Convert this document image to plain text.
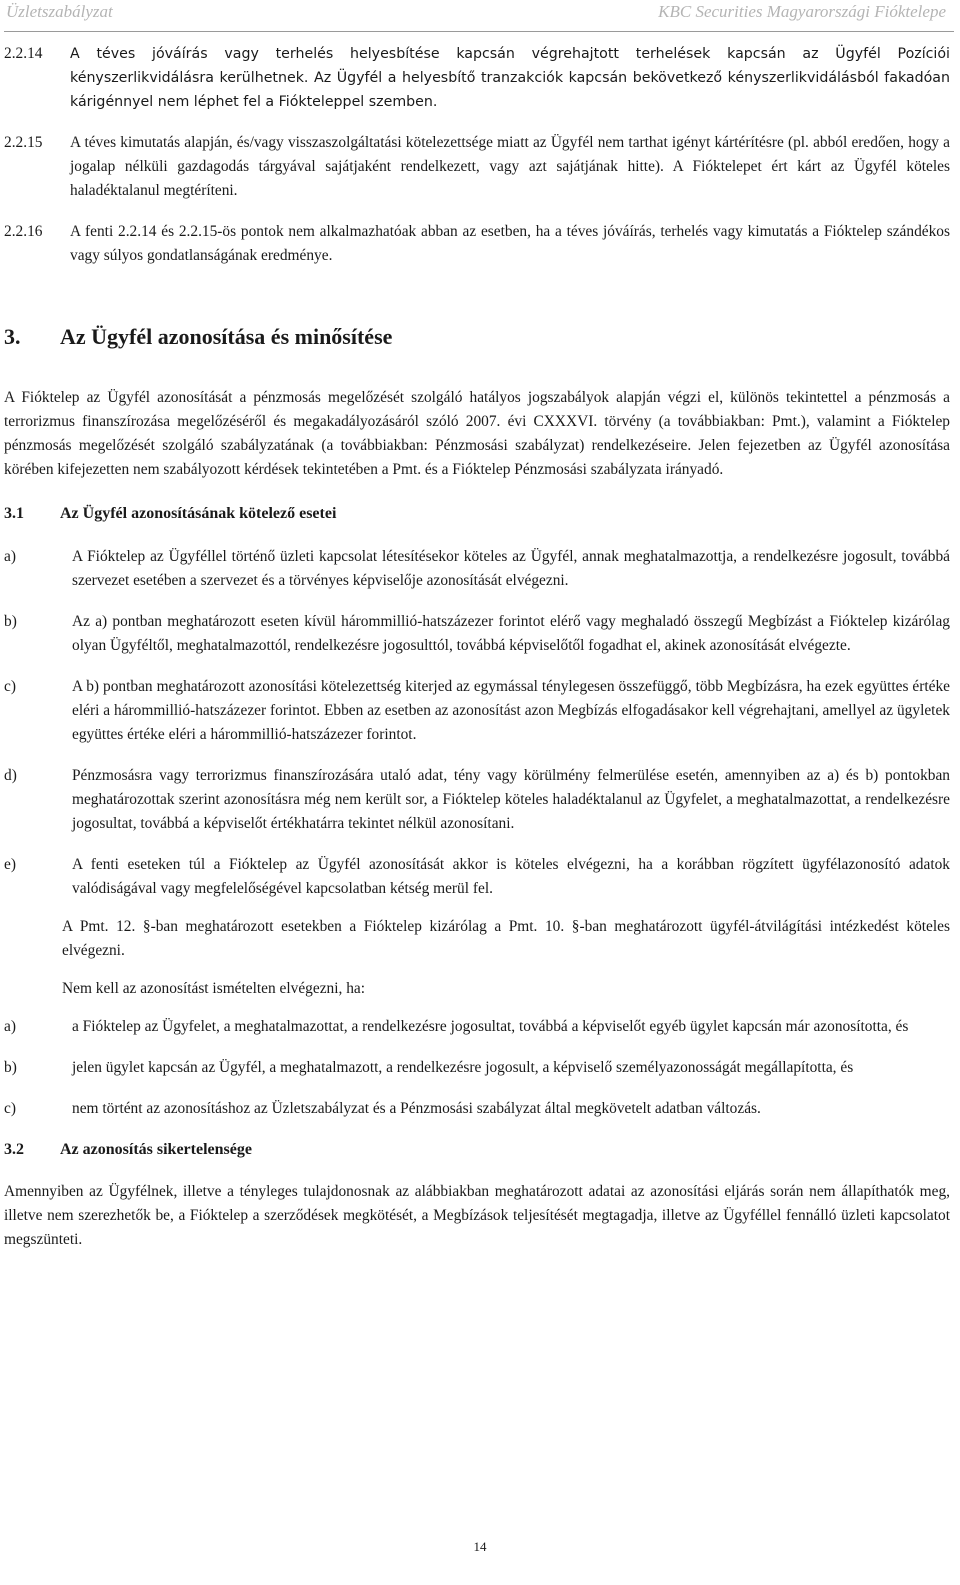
Üzletszabályzat	KBC Securities Magyarországi Fióktelepe
2.2.14	A téves jóváírás vagy terhelés helyesbítése kapcsán végrehajtott terhelések kapcsán az Ügyfél Pozíciói kényszerlikvidálásra kerülhetnek. Az Ügyfél a helyesbítő tranzakciók kapcsán bekövetkező kényszerlikvidálásból fakadóan kárigénnyel nem léphet fel a Fiókteleppel szemben.
2.2.15	A téves kimutatás alapján, és/vagy visszaszolgáltatási kötelezettsége miatt az Ügyfél nem tarthat igényt kártérítésre (pl. abból eredően, hogy a jogalap nélküli gazdagodás tárgyával sajátjaként rendelkezett, vagy azt sajátjának hitte). A Fióktelepet ért kárt az Ügyfél köteles haladéktalanul megtéríteni.
2.2.16	A fenti 2.2.14 és 2.2.15-ös pontok nem alkalmazhatóak abban az esetben, ha a téves jóváírás, terhelés vagy kimutatás a Fióktelep szándékos vagy súlyos gondatlanságának eredménye.
3.	Az Ügyfél azonosítása és minősítése
A Fióktelep az Ügyfél azonosítását a pénzmosás megelőzését szolgáló hatályos jogszabályok alapján végzi el, különös tekintettel a pénzmosás a terrorizmus finanszírozása megelőzéséről és megakadályozásáról szóló 2007. évi CXXXVI. törvény (a továbbiakban: Pmt.), valamint a Fióktelep pénzmosás megelőzését szolgáló szabályzatának (a továbbiakban: Pénzmosási szabályzat) rendelkezéseire. Jelen fejezetben az Ügyfél azonosítása körében kifejezetten nem szabályozott kérdések tekintetében a Pmt. és a Fióktelep Pénzmosási szabályzata irányadó.
3.1	Az Ügyfél azonosításának kötelező esetei
a)	A Fióktelep az Ügyféllel történő üzleti kapcsolat létesítésekor köteles az Ügyfél, annak meghatalmazottja, a rendelkezésre jogosult, továbbá szervezet esetében a szervezet és a törvényes képviselője azonosítását elvégezni.
b)	Az a) pontban meghatározott eseten kívül hárommillió-hatszázezer forintot elérő vagy meghaladó összegű Megbízást a Fióktelep kizárólag olyan Ügyféltől, meghatalmazottól, rendelkezésre jogosulttól, továbbá képviselőtől fogadhat el, akinek azonosítását elvégezte.
c)	A b) pontban meghatározott azonosítási kötelezettség kiterjed az egymással ténylegesen összefüggő, több Megbízásra, ha ezek együttes értéke eléri a hárommillió-hatszázezer forintot. Ebben az esetben az azonosítást azon Megbízás elfogadásakor kell végrehajtani, amellyel az ügyletek együttes értéke eléri a hárommillió-hatszázezer forintot.
d)	Pénzmosásra vagy terrorizmus finanszírozására utaló adat, tény vagy körülmény felmerülése esetén, amennyiben az a) és b) pontokban meghatározottak szerint azonosításra még nem került sor, a Fióktelep köteles haladéktalanul az Ügyfelet, a meghatalmazottat, a rendelkezésre jogosultat, továbbá a képviselőt értékhatárra tekintet nélkül azonosítani.
e)	A fenti eseteken túl a Fióktelep az Ügyfél azonosítását akkor is köteles elvégezni, ha a korábban rögzített ügyfélazonosító adatok valódiságával vagy megfelelőségével kapcsolatban kétség merül fel.
A Pmt. 12. §-ban meghatározott esetekben a Fióktelep kizárólag a Pmt. 10. §-ban meghatározott ügyfél-átvilágítási intézkedést köteles elvégezni.
Nem kell az azonosítást ismételten elvégezni, ha:
a)	a Fióktelep az Ügyfelet, a meghatalmazottat, a rendelkezésre jogosultat, továbbá a képviselőt egyéb ügylet kapcsán már azonosította, és
b)	jelen ügylet kapcsán az Ügyfél, a meghatalmazott, a rendelkezésre jogosult, a képviselő személyazonosságát megállapította, és
c)	nem történt az azonosításhoz az Üzletszabályzat és a Pénzmosási szabályzat által megkövetelt adatban változás.
3.2	Az azonosítás sikertelensége
Amennyiben az Ügyfélnek, illetve a tényleges tulajdonosnak az alábbiakban meghatározott adatai az azonosítási eljárás során nem állapíthatók meg, illetve nem szerezhetők be, a Fióktelep a szerződések megkötését, a Megbízások teljesítését megtagadja, illetve az Ügyféllel fennálló üzleti kapcsolatot megszünteti.
14
